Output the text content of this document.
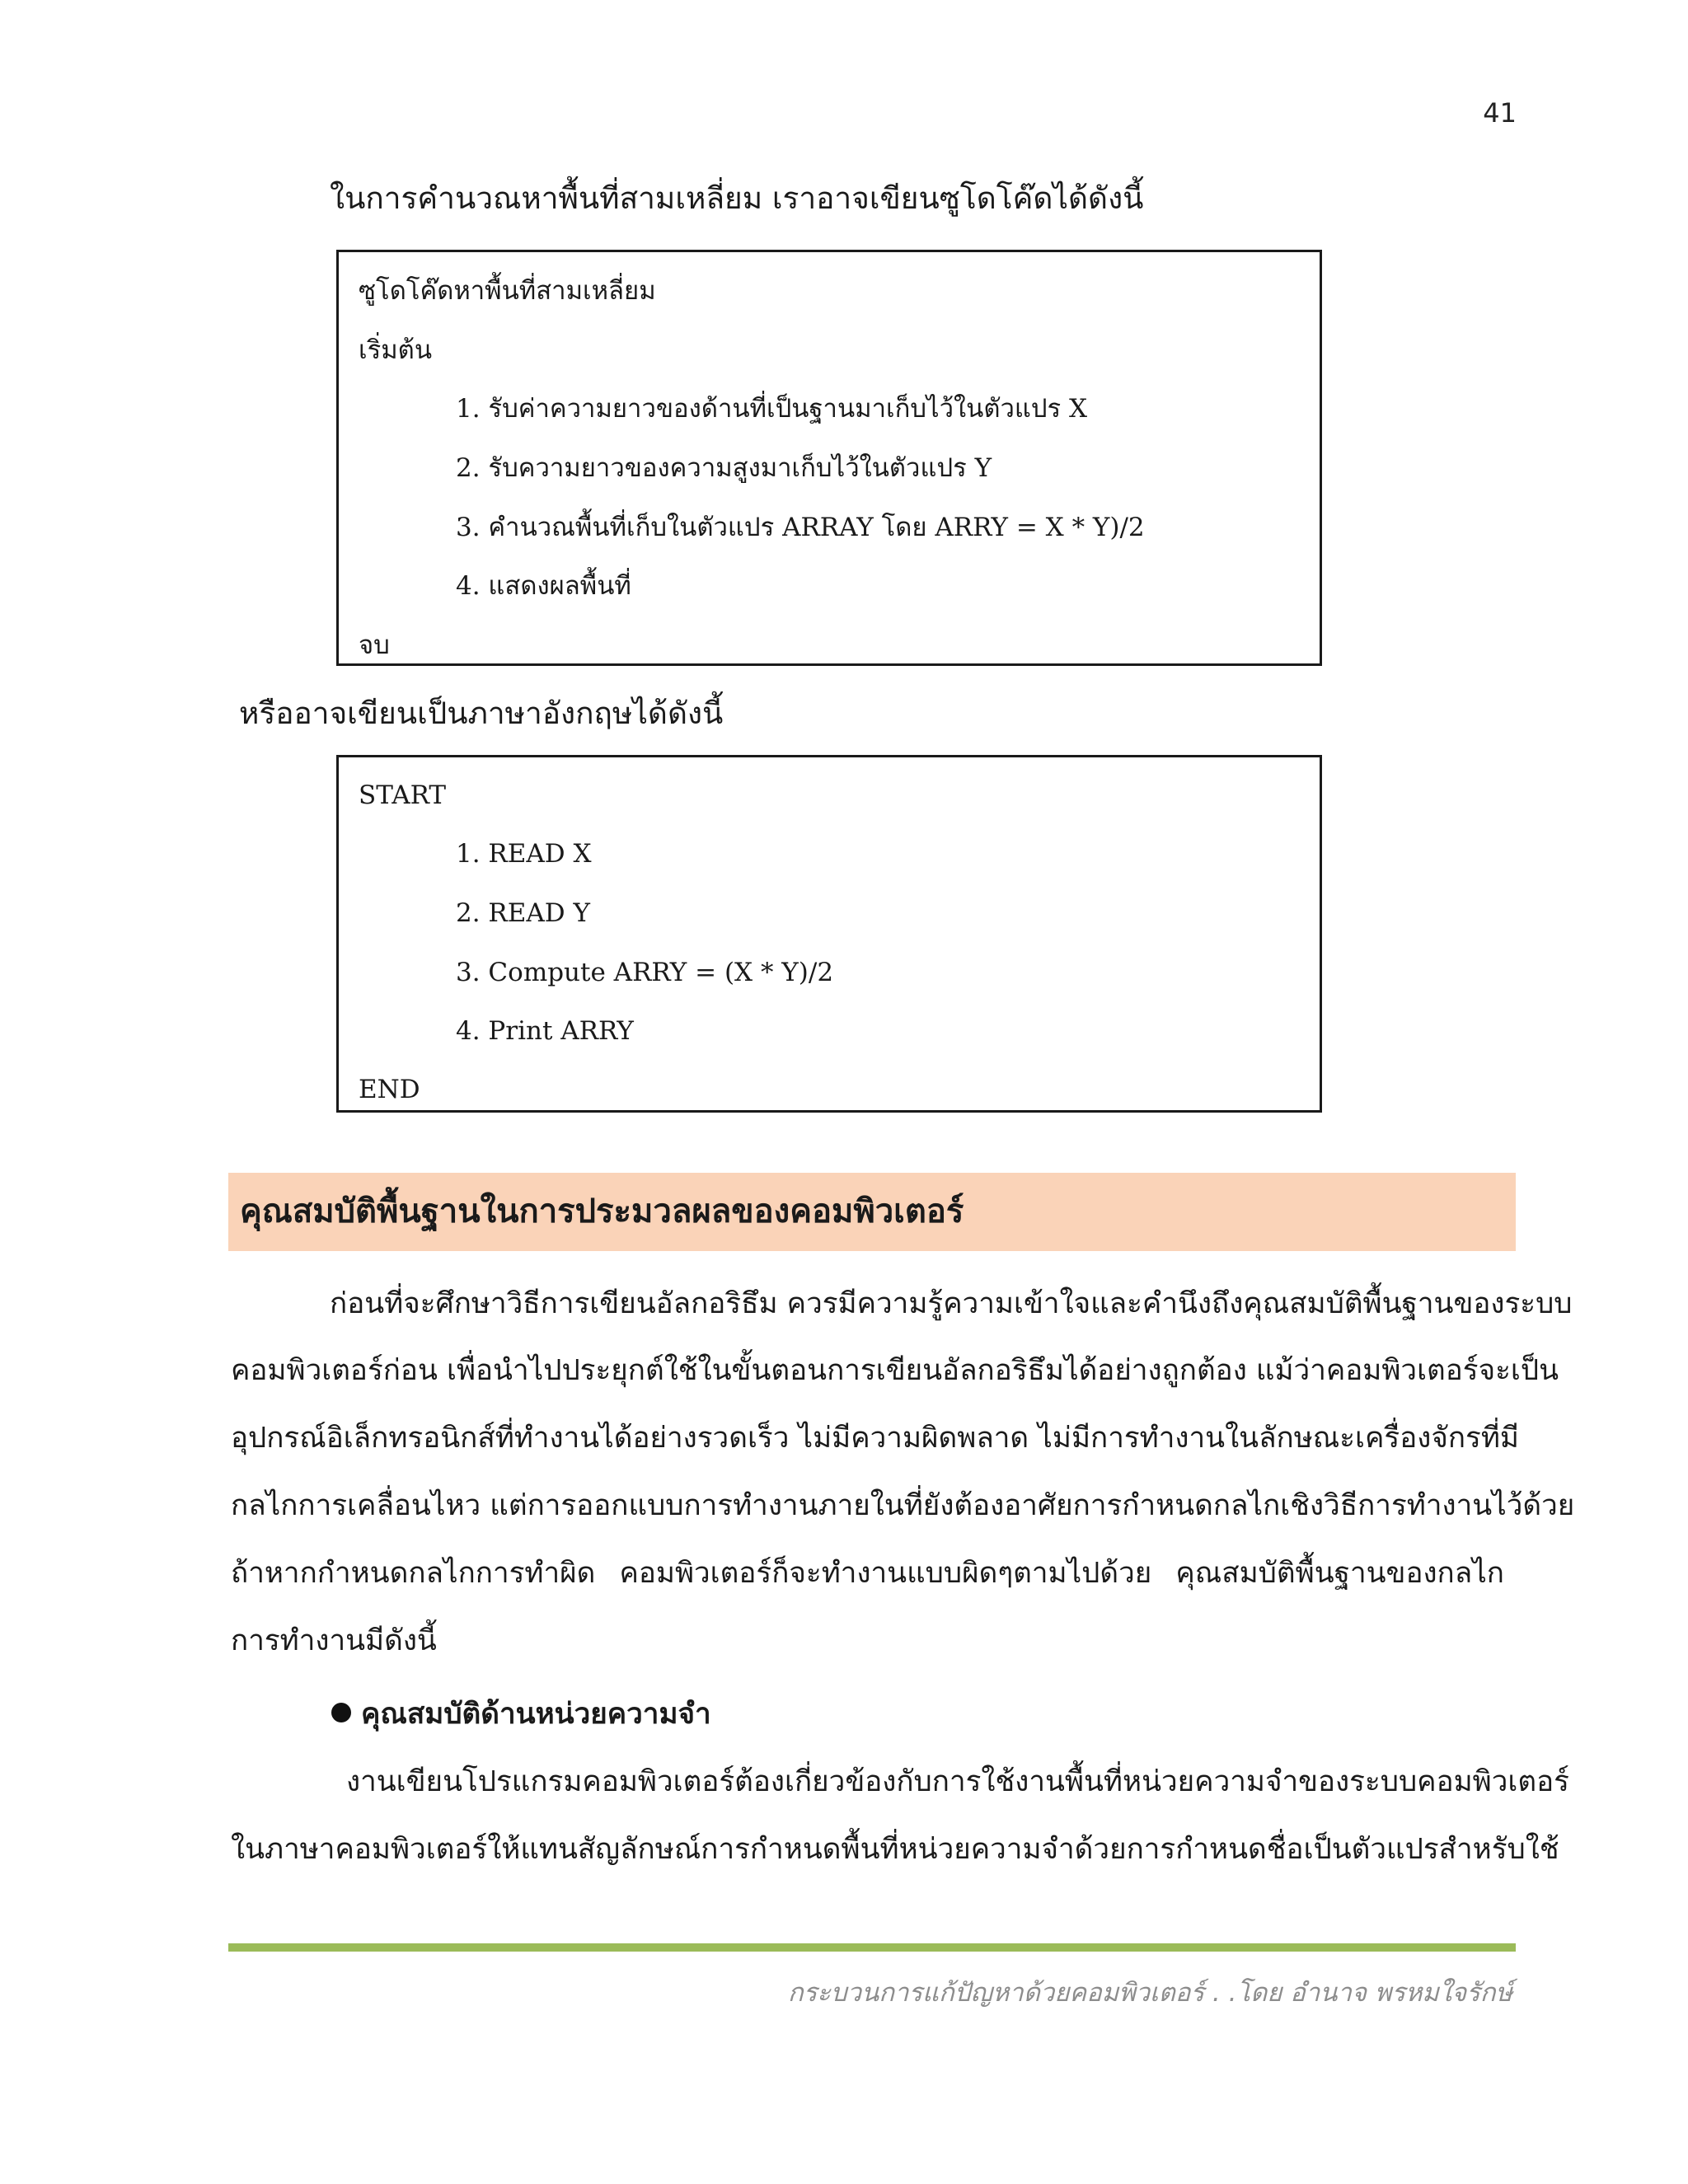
41
ในการคำนวณหาพื้นที่สามเหลี่ยม เราอาจเขียนซูโดโค๊ดได้ดังนี้
ซูโดโค๊ดหาพื้นที่สามเหลี่ยม
เริ่มต้น
1. รับค่าความยาวของด้านที่เป็นฐานมาเก็บไว้ในตัวแปร X
2. รับความยาวของความสูงมาเก็บไว้ในตัวแปร Y
3. คำนวณพื้นที่เก็บในตัวแปร ARRAY โดย ARRY = X * Y)/2
4. แสดงผลพื้นที่
จบ
หรืออาจเขียนเป็นภาษาอังกฤษได้ดังนี้
START
1. READ X
2. READ Y
3. Compute ARRY = (X * Y)/2
4. Print ARRY
END
คุณสมบัติพื้นฐานในการประมวลผลของคอมพิวเตอร์
ก่อนที่จะศึกษาวิธีการเขียนอัลกอริธึม ควรมีความรู้ความเข้าใจและคำนึงถึงคุณสมบัติพื้นฐานของระบบ
คอมพิวเตอร์ก่อน เพื่อนำไปประยุกต์ใช้ในขั้นตอนการเขียนอัลกอริธึมได้อย่างถูกต้อง แม้ว่าคอมพิวเตอร์จะเป็น
อุปกรณ์อิเล็กทรอนิกส์ที่ทำงานได้อย่างรวดเร็ว ไม่มีความผิดพลาด ไม่มีการทำงานในลักษณะเครื่องจักรที่มี
กลไกการเคลื่อนไหว แต่การออกแบบการทำงานภายในที่ยังต้องอาศัยการกำหนดกลไกเชิงวิธีการทำงานไว้ด้วย
ถ้าหากกำหนดกลไกการทำผิด คอมพิวเตอร์ก็จะทำงานแบบผิดๆตามไปด้วย คุณสมบัติพื้นฐานของกลไก
การทำงานมีดังนี้
คุณสมบัติด้านหน่วยความจำ
งานเขียนโปรแกรมคอมพิวเตอร์ต้องเกี่ยวข้องกับการใช้งานพื้นที่หน่วยความจำของระบบคอมพิวเตอร์
ในภาษาคอมพิวเตอร์ให้แทนสัญลักษณ์การกำหนดพื้นที่หน่วยความจำด้วยการกำหนดชื่อเป็นตัวแปรสำหรับใช้
กระบวนการแก้ปัญหาด้วยคอมพิวเตอร์ . .โดย อำนาจ พรหมใจรักษ์
